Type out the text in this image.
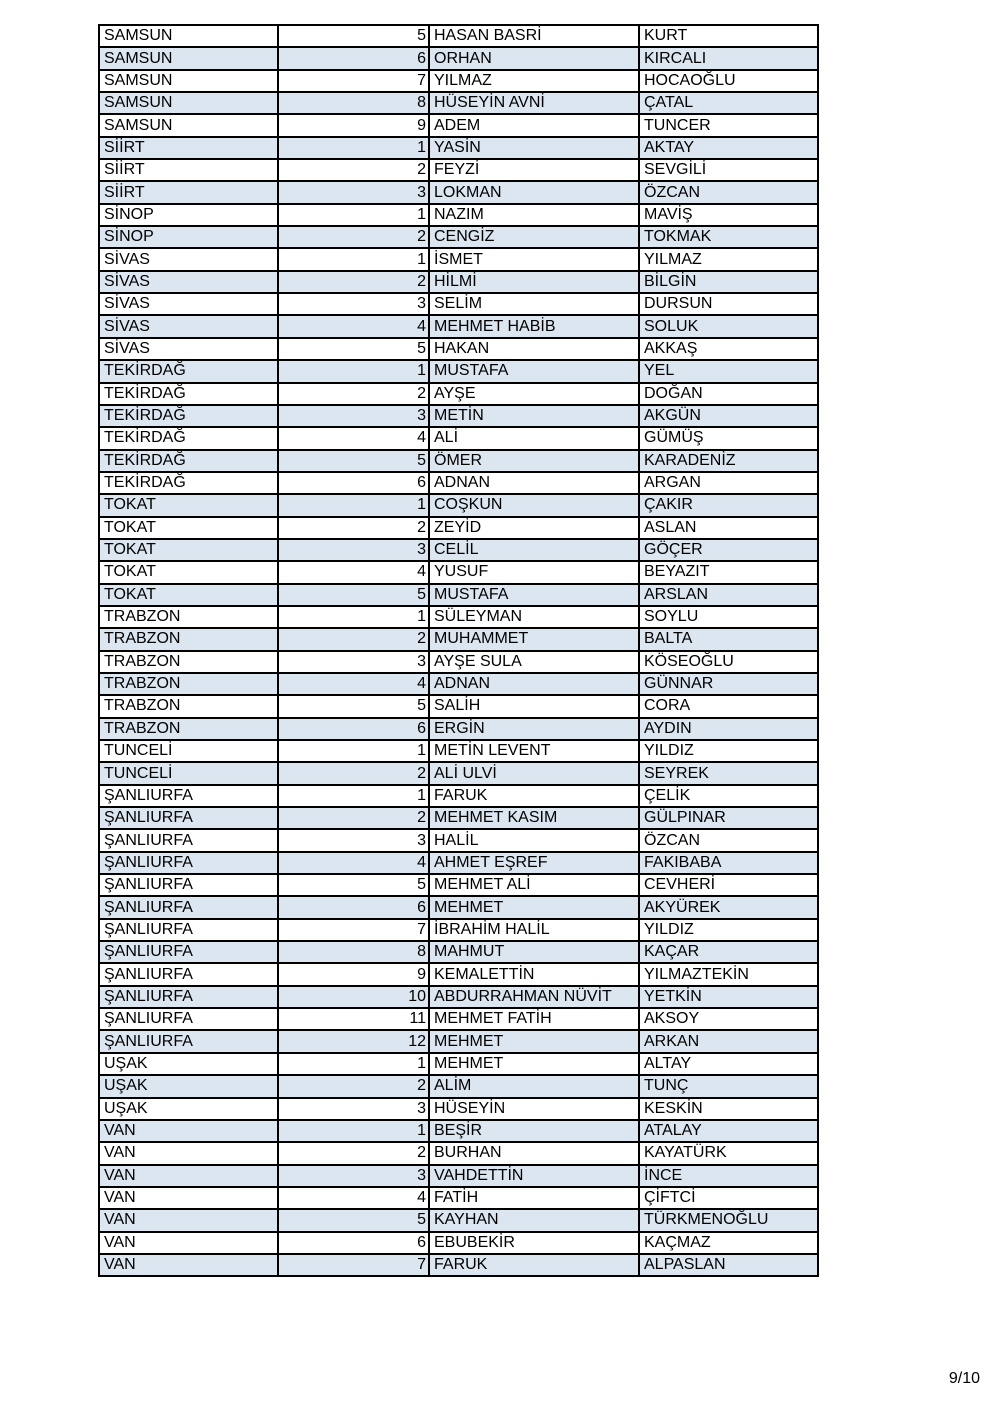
SAMSUN	5	HASAN BASRİ	KURT
SAMSUN	6	ORHAN	KIRCALI
SAMSUN	7	YILMAZ	HOCAOĞLU
SAMSUN	8	HÜSEYİN AVNİ	ÇATAL
SAMSUN	9	ADEM	TUNCER
SİİRT	1	YASİN	AKTAY
SİİRT	2	FEYZİ	SEVGİLİ
SİİRT	3	LOKMAN	ÖZCAN
SİNOP	1	NAZIM	MAVİŞ
SİNOP	2	CENGİZ	TOKMAK
SİVAS	1	İSMET	YILMAZ
SİVAS	2	HİLMİ	BİLGİN
SİVAS	3	SELİM	DURSUN
SİVAS	4	MEHMET HABİB	SOLUK
SİVAS	5	HAKAN	AKKAŞ
TEKİRDAĞ	1	MUSTAFA	YEL
TEKİRDAĞ	2	AYŞE	DOĞAN
TEKİRDAĞ	3	METİN	AKGÜN
TEKİRDAĞ	4	ALİ	GÜMÜŞ
TEKİRDAĞ	5	ÖMER	KARADENİZ
TEKİRDAĞ	6	ADNAN	ARGAN
TOKAT	1	COŞKUN	ÇAKIR
TOKAT	2	ZEYİD	ASLAN
TOKAT	3	CELİL	GÖÇER
TOKAT	4	YUSUF	BEYAZIT
TOKAT	5	MUSTAFA	ARSLAN
TRABZON	1	SÜLEYMAN	SOYLU
TRABZON	2	MUHAMMET	BALTA
TRABZON	3	AYŞE SULA	KÖSEOĞLU
TRABZON	4	ADNAN	GÜNNAR
TRABZON	5	SALİH	CORA
TRABZON	6	ERGİN	AYDIN
TUNCELİ	1	METİN LEVENT	YILDIZ
TUNCELİ	2	ALİ ULVİ	SEYREK
ŞANLIURFA	1	FARUK	ÇELİK
ŞANLIURFA	2	MEHMET KASIM	GÜLPINAR
ŞANLIURFA	3	HALİL	ÖZCAN
ŞANLIURFA	4	AHMET EŞREF	FAKIBABA
ŞANLIURFA	5	MEHMET ALİ	CEVHERİ
ŞANLIURFA	6	MEHMET	AKYÜREK
ŞANLIURFA	7	İBRAHİM HALİL	YILDIZ
ŞANLIURFA	8	MAHMUT	KAÇAR
ŞANLIURFA	9	KEMALETTİN	YILMAZTEKİN
ŞANLIURFA	10	ABDURRAHMAN NÜVİT	YETKİN
ŞANLIURFA	11	MEHMET FATİH	AKSOY
ŞANLIURFA	12	MEHMET	ARKAN
UŞAK	1	MEHMET	ALTAY
UŞAK	2	ALİM	TUNÇ
UŞAK	3	HÜSEYİN	KESKİN
VAN	1	BEŞİR	ATALAY
VAN	2	BURHAN	KAYATÜRK
VAN	3	VAHDETTİN	İNCE
VAN	4	FATİH	ÇİFTCİ
VAN	5	KAYHAN	TÜRKMENOĞLU
VAN	6	EBUBEKİR	KAÇMAZ
VAN	7	FARUK	ALPASLAN
9/10
